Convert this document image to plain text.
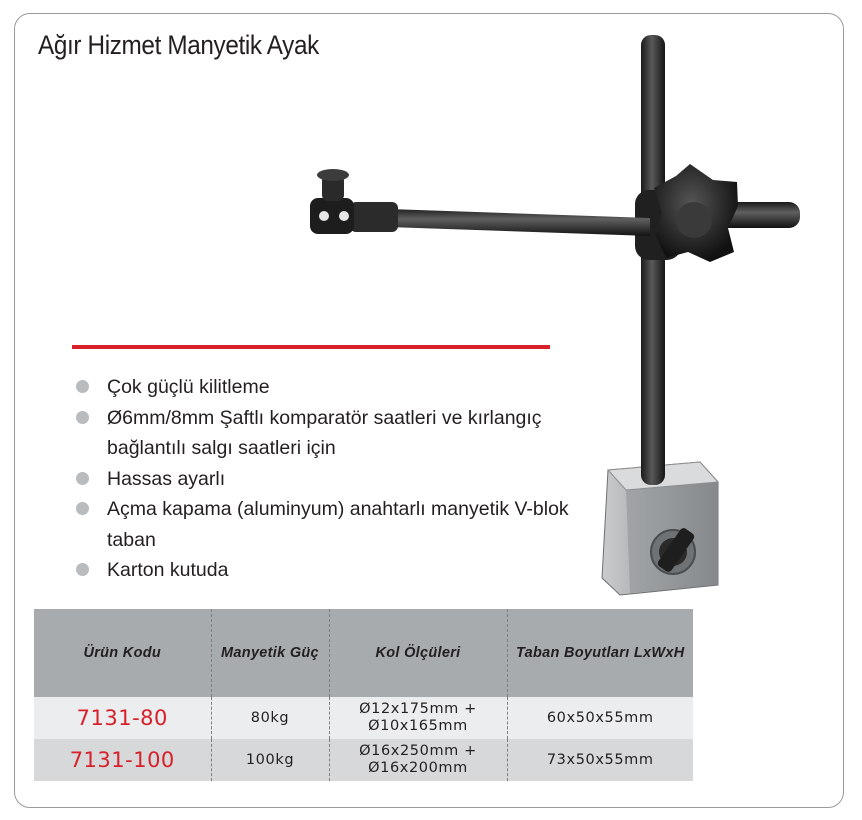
Ağır Hizmet Manyetik Ayak
Çok güçlü kilitleme
Ø6mm/8mm Şaftlı komparatör saatleri ve kırlangıç bağlantılı salgı saatleri için
Hassas ayarlı
Açma kapama (aluminyum) anahtarlı manyetik V-blok taban
Karton kutuda
Ürün Kodu	Manyetik Güç	Kol Ölçüleri	Taban Boyutları LxWxH
7131-80	80kg	Ø12x175mm + Ø10x165mm	60x50x55mm
7131-100	100kg	Ø16x250mm + Ø16x200mm	73x50x55mm
